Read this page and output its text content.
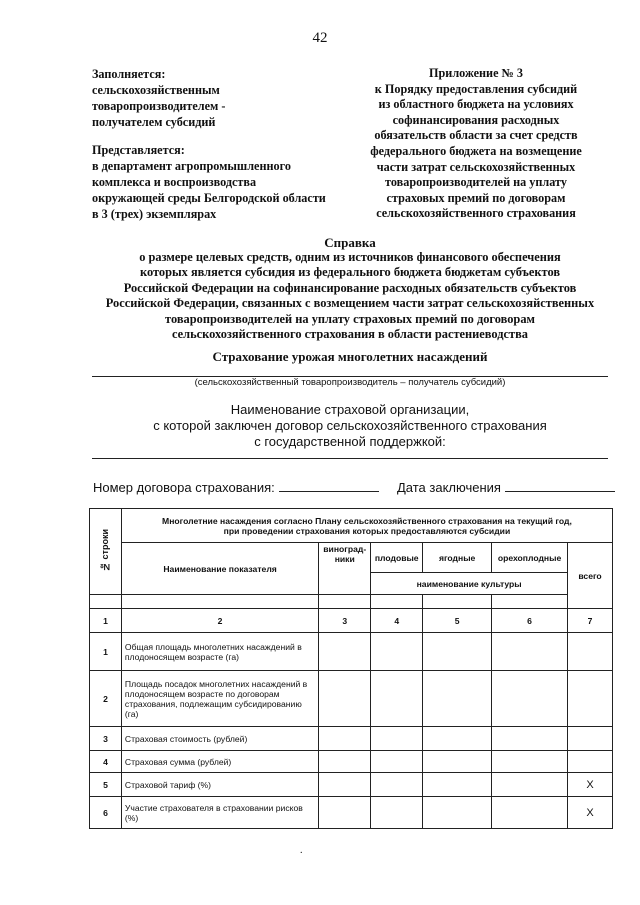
42
Заполняется:
сельскохозяйственным
товаропроизводителем -
получателем субсидий
Представляется:
в департамент агропромышленного
комплекса и воспроизводства
окружающей среды Белгородской области
в 3 (трех) экземплярах
Приложение № 3
к Порядку предоставления субсидий
из областного бюджета на условиях
софинансирования расходных
обязательств области за счет средств
федерального бюджета на возмещение
части затрат сельскохозяйственных
товаропроизводителей на уплату
страховых премий по договорам
сельскохозяйственного страхования
Справка
о размере целевых средств, одним из источников финансового обеспечения
которых является субсидия из федерального бюджета бюджетам субъектов
Российской Федерации на софинансирование расходных обязательств субъектов
Российской Федерации, связанных с возмещением части затрат сельскохозяйственных
товаропроизводителей на уплату страховых премий по договорам
сельскохозяйственного страхования в области растениеводства
Страхование урожая многолетних насаждений
(сельскохозяйственный товаропроизводитель – получатель субсидий)
Наименование страховой организации,
с которой заключен договор сельскохозяйственного страхования
с государственной поддержкой:
Номер договора страхования:	Дата заключения
№ строки	Многолетние насаждения согласно Плану сельскохозяйственного страхования на текущий год,
при проведении страхования которых предоставляются субсидии					

	Наименование показателя	виноград-ники	плодовые	ягодные	орехоплодные	всего
			наименование культуры			

1	2	3	4	5	6	7
1	Общая площадь многолетних насаждений в плодоносящем возрасте (га)					
2	Площадь посадок многолетних насаждений в плодоносящем возрасте по договорам страхования, подлежащим субсидированию (га)					
3	Страховая стоимость (рублей)					
4	Страховая сумма (рублей)					
5	Страховой тариф (%)					Х
6	Участие страхователя в страховании рисков (%)					Х
.
